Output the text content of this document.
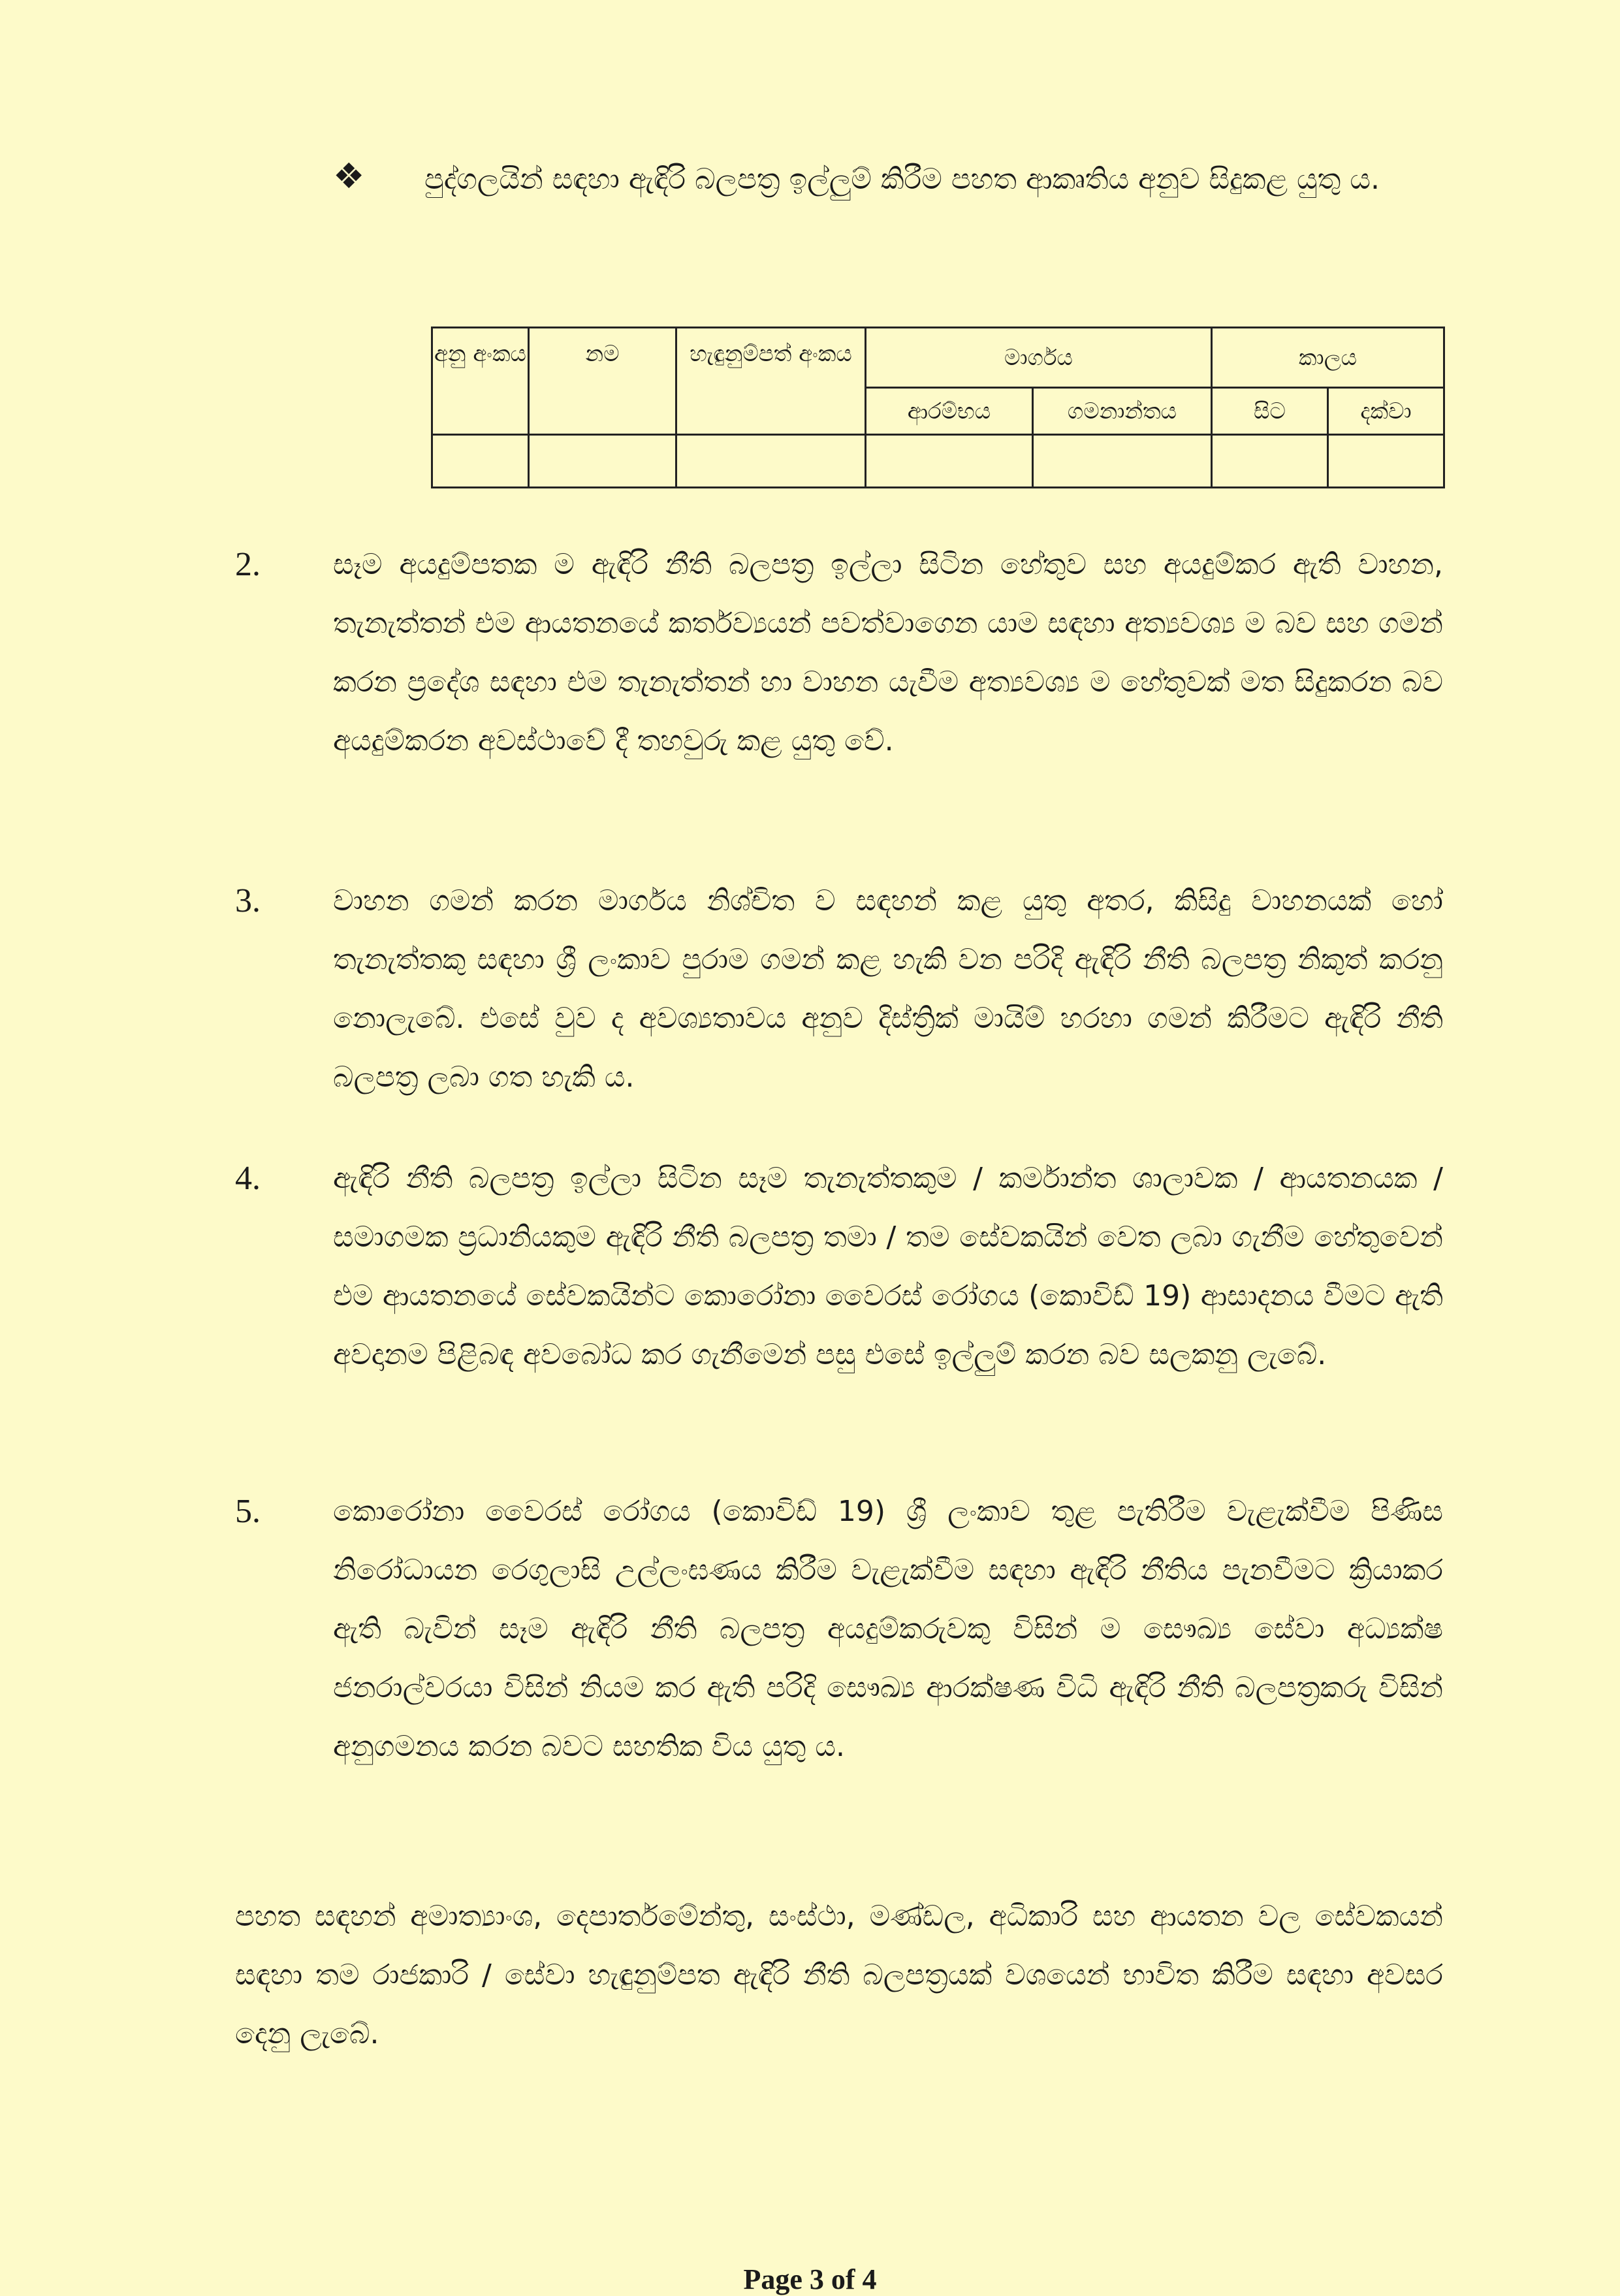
❖ පුද්ගලයින් සඳහා ඇඳිරි බලපත්‍ර ඉල්ලුම් කිරීම පහත ආකෘතිය අනුව සිදුකළ යුතු ය.
අනු අංකය	නම	හැඳුනුම්පත් අංකය	මාර්ගය		කාලය	
			ආරම්භය	ගමනාන්තය	සිට	දක්වා

2.	සෑම අයදුම්පතක ම ඇඳිරි නීති බලපත්‍ර ඉල්ලා සිටින හේතුව සහ අයදුම්කර ඇති වාහන, තැනැත්තන් එම ආයතනයේ කර්තව්‍යයන් පවත්වාගෙන යාම සඳහා අත්‍යවශ්‍ය ම බව සහ ගමන් කරන ප්‍රදේශ සඳහා එම තැනැත්තන් හා වාහන යැවීම අත්‍යවශ්‍ය ම හේතුවක් මත සිදුකරන බව අයදුම්කරන අවස්ථාවේ දී තහවුරු කළ යුතු වේ.
3.	වාහන ගමන් කරන මාර්ගය නිශ්චිත ව සඳහන් කළ යුතු අතර, කිසිදු වාහනයක් හෝ තැනැත්තකු සඳහා ශ්‍රී ලංකාව පුරාම ගමන් කළ හැකි වන පරිදි ඇඳිරි නීති බලපත්‍ර නිකුත් කරනු නොලැබේ. එසේ වුව ද අවශ්‍යතාවය අනුව දිස්ත්‍රික් මායිම් හරහා ගමන් කිරීමට ඇඳිරි නීති බලපත්‍ර ලබා ගත හැකි ය.
4.	ඇඳිරි නීති බලපත්‍ර ඉල්ලා සිටින සෑම තැනැත්තකුම / කර්මාන්ත ශාලාවක / ආයතනයක / සමාගමක ප්‍රධානියකුම ඇඳිරි නීති බලපත්‍ර තමා / තම සේවකයින් වෙත ලබා ගැනීම හේතුවෙන් එම ආයතනයේ සේවකයින්ට කොරෝනා වෛරස් රෝගය (කොවිඩ් 19) ආසාදනය වීමට ඇති අවදානම පිළිබඳ අවබෝධ කර ගැනීමෙන් පසු එසේ ඉල්ලුම් කරන බව සලකනු ලැබේ.
5.	කොරෝනා වෛරස් රෝගය (කොවිඩ් 19) ශ්‍රී ලංකාව තුළ පැතිරීම වැළැක්වීම පිණිස නිරෝධායන රෙගුලාසි උල්ලංඝණය කිරීම වැළැක්වීම සඳහා ඇඳිරි නීතිය පැනවීමට ක්‍රියාකර ඇති බැවින් සෑම ඇඳිරි නීති බලපත්‍ර අයදුම්කරුවකු විසින් ම සෞඛ්‍ය සේවා අධ්‍යක්ෂ ජනරාල්වරයා විසින් නියම කර ඇති පරිදි සෞඛ්‍ය ආරක්ෂණ විධි ඇඳිරි නීති බලපත්‍රකරු විසින් අනුගමනය කරන බවට සහතික විය යුතු ය.
පහත සඳහන් අමාත්‍යාංශ, දෙපාර්තමේන්තු, සංස්ථා, මණ්ඩල, අධිකාරි සහ ආයතන වල සේවකයන් සඳහා තම රාජකාරි / සේවා හැඳුනුම්පත ඇඳිරි නීති බලපත්‍රයක් වශයෙන් භාවිත කිරීම සඳහා අවසර දෙනු ලැබේ.
Page 3 of 4
